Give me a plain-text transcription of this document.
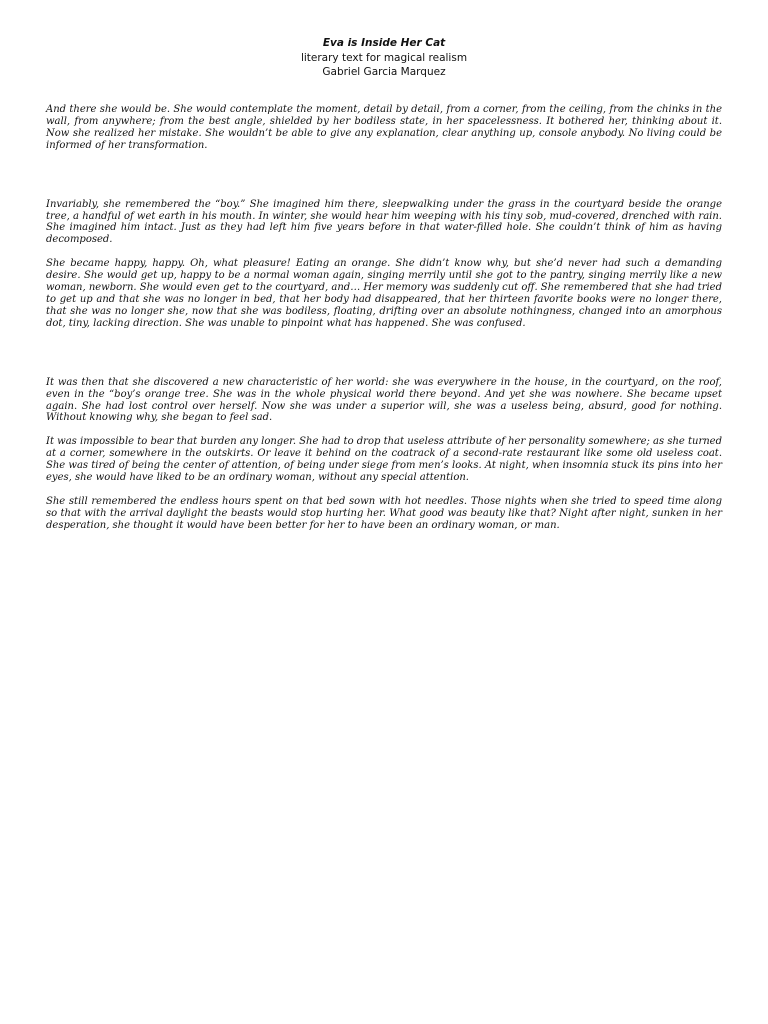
Eva is Inside Her Cat
literary text for magical realism
Gabriel Garcia Marquez

And there she would be. She would contemplate the moment, detail by detail, from a corner, from the ceiling, from the chinks in the wall, from anywhere; from the best angle, shielded by her bodiless state, in her spacelessness. It bothered her, thinking about it. Now she realized her mistake. She wouldn’t be able to give any explanation, clear anything up, console anybody. No living could be informed of her transformation.

Invariably, she remembered the “boy.” She imagined him there, sleepwalking under the grass in the courtyard beside the orange tree, a handful of wet earth in his mouth. In winter, she would hear him weeping with his tiny sob, mud-covered, drenched with rain. She imagined him intact. Just as they had left him five years before in that water-filled hole. She couldn’t think of him as having decomposed.

She became happy, happy. Oh, what pleasure! Eating an orange. She didn’t know why, but she’d never had such a demanding desire. She would get up, happy to be a normal woman again, singing merrily until she got to the pantry, singing merrily like a new woman, newborn. She would even get to the courtyard, and… Her memory was suddenly cut off. She remembered that she had tried to get up and that she was no longer in bed, that her body had disappeared, that her thirteen favorite books were no longer there, that she was no longer she, now that she was bodiless, floating, drifting over an absolute nothingness, changed into an amorphous dot, tiny, lacking direction. She was unable to pinpoint what has happened. She was confused.

It was then that she discovered a new characteristic of her world: she was everywhere in the house, in the courtyard, on the roof, even in the “boy’s orange tree. She was in the whole physical world there beyond. And yet she was nowhere. She became upset again. She had lost control over herself. Now she was under a superior will, she was a useless being, absurd, good for nothing. Without knowing why, she began to feel sad.

It was impossible to bear that burden any longer. She had to drop that useless attribute of her personality somewhere; as she turned at a corner, somewhere in the outskirts. Or leave it behind on the coatrack of a second-rate restaurant like some old useless coat. She was tired of being the center of attention, of being under siege from men’s looks. At night, when insomnia stuck its pins into her eyes, she would have liked to be an ordinary woman, without any special attention.

She still remembered the endless hours spent on that bed sown with hot needles. Those nights when she tried to speed time along so that with the arrival daylight the beasts would stop hurting her. What good was beauty like that? Night after night, sunken in her desperation, she thought it would have been better for her to have been an ordinary woman, or man.
